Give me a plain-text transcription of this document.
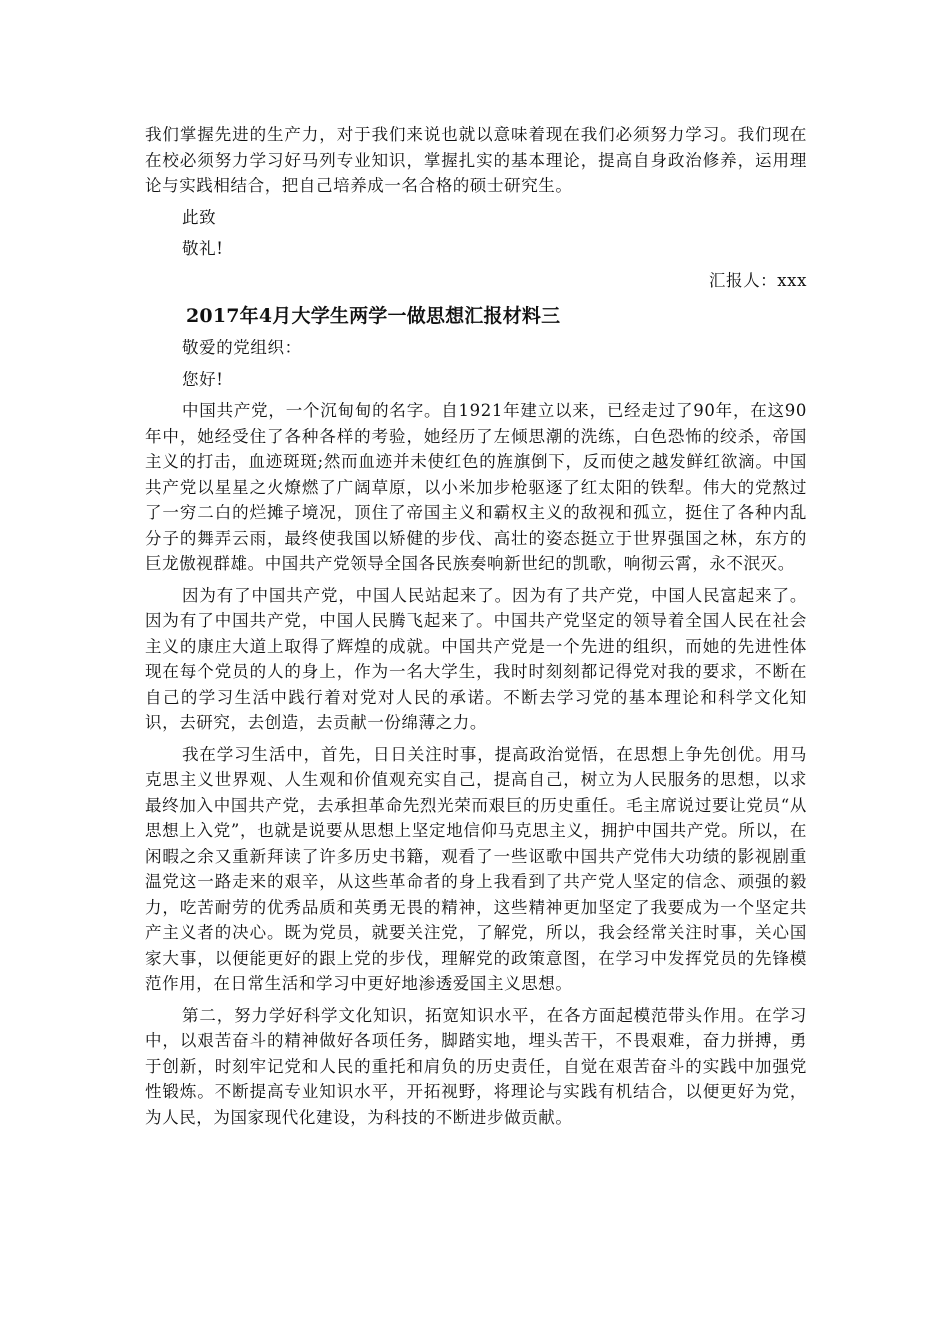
我们掌握先进的生产力，对于我们来说也就以意味着现在我们必须努力学习。我们现在在校必须努力学习好马列专业知识，掌握扎实的基本理论，提高自身政治修养，运用理论与实践相结合，把自己培养成一名合格的硕士研究生。

此致

敬礼!

汇报人：xxx

2017年4月大学生两学一做思想汇报材料三

敬爱的党组织：

您好!

中国共产党，一个沉甸甸的名字。自1921年建立以来，已经走过了90年，在这90年中，她经受住了各种各样的考验，她经历了左倾思潮的洗练，白色恐怖的绞杀，帝国主义的打击，血迹斑斑;然而血迹并未使红色的旌旗倒下，反而使之越发鲜红欲滴。中国共产党以星星之火燎燃了广阔草原，以小米加步枪驱逐了红太阳的铁犁。伟大的党熬过了一穷二白的烂摊子境况，顶住了帝国主义和霸权主义的敌视和孤立，挺住了各种内乱分子的舞弄云雨，最终使我国以矫健的步伐、高壮的姿态挺立于世界强国之林，东方的巨龙傲视群雄。中国共产党领导全国各民族奏响新世纪的凯歌，响彻云霄，永不泯灭。

因为有了中国共产党，中国人民站起来了。因为有了共产党，中国人民富起来了。因为有了中国共产党，中国人民腾飞起来了。中国共产党坚定的领导着全国人民在社会主义的康庄大道上取得了辉煌的成就。中国共产党是一个先进的组织，而她的先进性体现在每个党员的人的身上，作为一名大学生，我时时刻刻都记得党对我的要求，不断在自己的学习生活中践行着对党对人民的承诺。不断去学习党的基本理论和科学文化知识，去研究，去创造，去贡献一份绵薄之力。

我在学习生活中，首先，日日关注时事，提高政治觉悟，在思想上争先创优。用马克思主义世界观、人生观和价值观充实自己，提高自己，树立为人民服务的思想，以求最终加入中国共产党，去承担革命先烈光荣而艰巨的历史重任。毛主席说过要让党员“从思想上入党”，也就是说要从思想上坚定地信仰马克思主义，拥护中国共产党。所以，在闲暇之余又重新拜读了许多历史书籍，观看了一些讴歌中国共产党伟大功绩的影视剧重温党这一路走来的艰辛，从这些革命者的身上我看到了共产党人坚定的信念、顽强的毅力，吃苦耐劳的优秀品质和英勇无畏的精神，这些精神更加坚定了我要成为一个坚定共产主义者的决心。既为党员，就要关注党，了解党，所以，我会经常关注时事，关心国家大事，以便能更好的跟上党的步伐，理解党的政策意图，在学习中发挥党员的先锋模范作用，在日常生活和学习中更好地渗透爱国主义思想。

第二，努力学好科学文化知识，拓宽知识水平，在各方面起模范带头作用。在学习中，以艰苦奋斗的精神做好各项任务，脚踏实地，埋头苦干，不畏艰难，奋力拼搏，勇于创新，时刻牢记党和人民的重托和肩负的历史责任，自觉在艰苦奋斗的实践中加强党性锻炼。不断提高专业知识水平，开拓视野，将理论与实践有机结合，以便更好为党，为人民，为国家现代化建设，为科技的不断进步做贡献。
